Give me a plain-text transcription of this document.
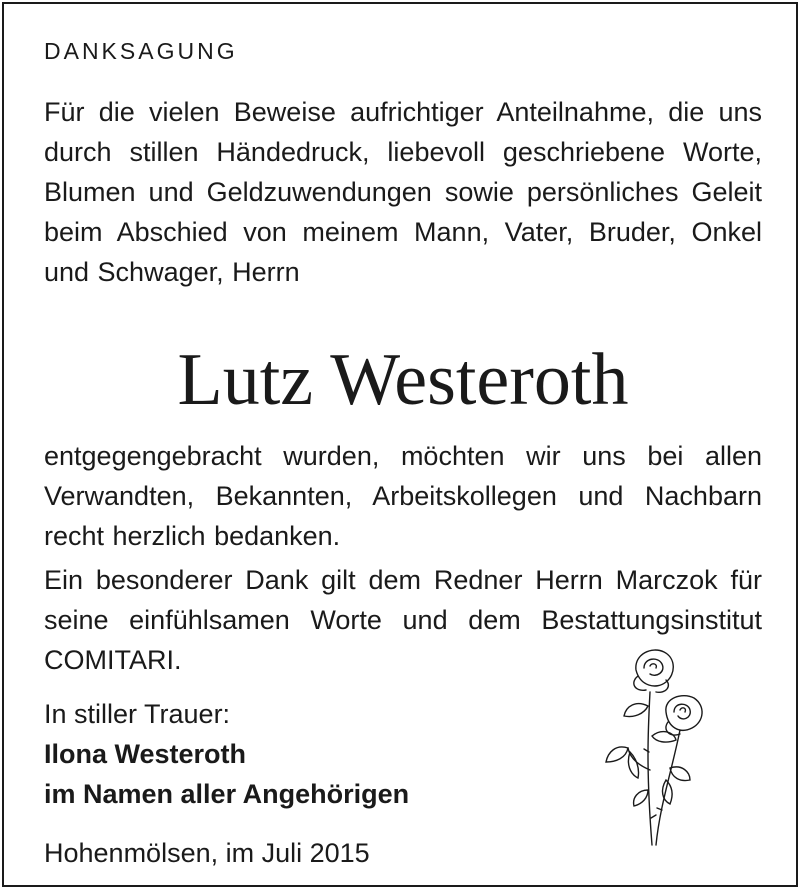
DANKSAGUNG
Für die vielen Beweise aufrichtiger Anteilnahme, die uns durch stillen Händedruck, liebevoll geschriebene Worte, Blumen und Geldzuwendungen sowie persönliches Geleit beim Abschied von meinem Mann, Vater, Bruder, Onkel und Schwager, Herrn
Lutz Westeroth
entgegengebracht wurden, möchten wir uns bei allen Verwandten, Bekannten, Arbeitskollegen und Nachbarn recht herzlich bedanken.
Ein besonderer Dank gilt dem Redner Herrn Marczok für seine einfühlsamen Worte und dem Bestattungsinstitut COMITARI.
In stiller Trauer:
Ilona Westeroth
im Namen aller Angehörigen
Hohenmölsen, im Juli 2015
